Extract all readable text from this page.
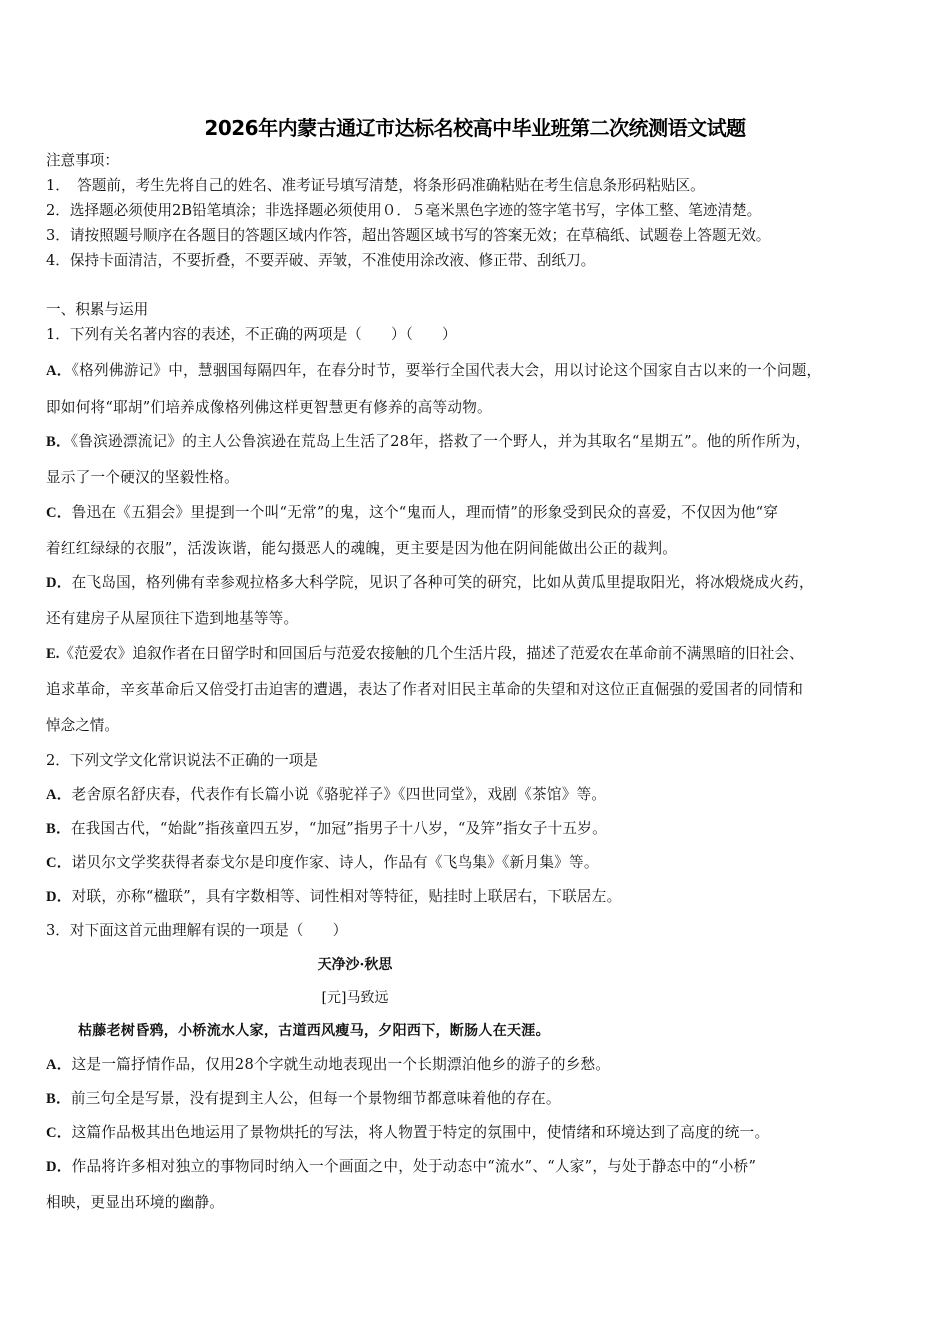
2026年内蒙古通辽市达标名校高中毕业班第二次统测语文试题
注意事项：
1．　答题前，考生先将自己的姓名、准考证号填写清楚，将条形码准确粘贴在考生信息条形码粘贴区。
2．选择题必须使用2B铅笔填涂；非选择题必须使用０．５毫米黑色字迹的签字笔书写，字体工整、笔迹清楚。
3．请按照题号顺序在各题目的答题区域内作答，超出答题区域书写的答案无效；在草稿纸、试题卷上答题无效。
4．保持卡面清洁，不要折叠，不要弄破、弄皱，不准使用涂改液、修正带、刮纸刀。
一、积累与运用
1．下列有关名著内容的表述，不正确的两项是（　　）（　　）
A．《格列佛游记》中，慧骃国每隔四年，在春分时节，要举行全国代表大会，用以讨论这个国家自古以来的一个问题，
即如何将“耶胡”们培养成像格列佛这样更智慧更有修养的高等动物。
B．《鲁滨逊漂流记》的主人公鲁滨逊在荒岛上生活了28年，搭救了一个野人，并为其取名“星期五”。他的所作所为，
显示了一个硬汉的坚毅性格。
C．鲁迅在《五猖会》里提到一个叫“无常”的鬼，这个“鬼而人，理而情”的形象受到民众的喜爱，不仅因为他“穿
着红红绿绿的衣服”，活泼诙谐，能勾摄恶人的魂魄，更主要是因为他在阴间能做出公正的裁判。
D．在飞岛国，格列佛有幸参观拉格多大科学院，见识了各种可笑的研究，比如从黄瓜里提取阳光，将冰煅烧成火药，
还有建房子从屋顶往下造到地基等等。
E.《范爱农》追叙作者在日留学时和回国后与范爱农接触的几个生活片段，描述了范爱农在革命前不满黑暗的旧社会、
追求革命，辛亥革命后又倍受打击迫害的遭遇，表达了作者对旧民主革命的失望和对这位正直倔强的爱国者的同情和
悼念之情。
2．下列文学文化常识说法不正确的一项是
A．老舍原名舒庆春，代表作有长篇小说《骆驼祥子》《四世同堂》，戏剧《茶馆》等。
B．在我国古代，“始龀”指孩童四五岁，“加冠”指男子十八岁，“及笄”指女子十五岁。
C．诺贝尔文学奖获得者泰戈尔是印度作家、诗人，作品有《飞鸟集》《新月集》等。
D．对联，亦称“楹联”，具有字数相等、词性相对等特征，贴挂时上联居右，下联居左。
3．对下面这首元曲理解有误的一项是（　　）
天净沙·秋思
[元]马致远
枯藤老树昏鸦，小桥流水人家，古道西风瘦马，夕阳西下，断肠人在天涯。
A．这是一篇抒情作品，仅用28个字就生动地表现出一个长期漂泊他乡的游子的乡愁。
B．前三句全是写景，没有提到主人公，但每一个景物细节都意味着他的存在。
C．这篇作品极其出色地运用了景物烘托的写法，将人物置于特定的氛围中，使情绪和环境达到了高度的统一。
D．作品将许多相对独立的事物同时纳入一个画面之中，处于动态中“流水”、“人家”，与处于静态中的“小桥”
相映，更显出环境的幽静。
